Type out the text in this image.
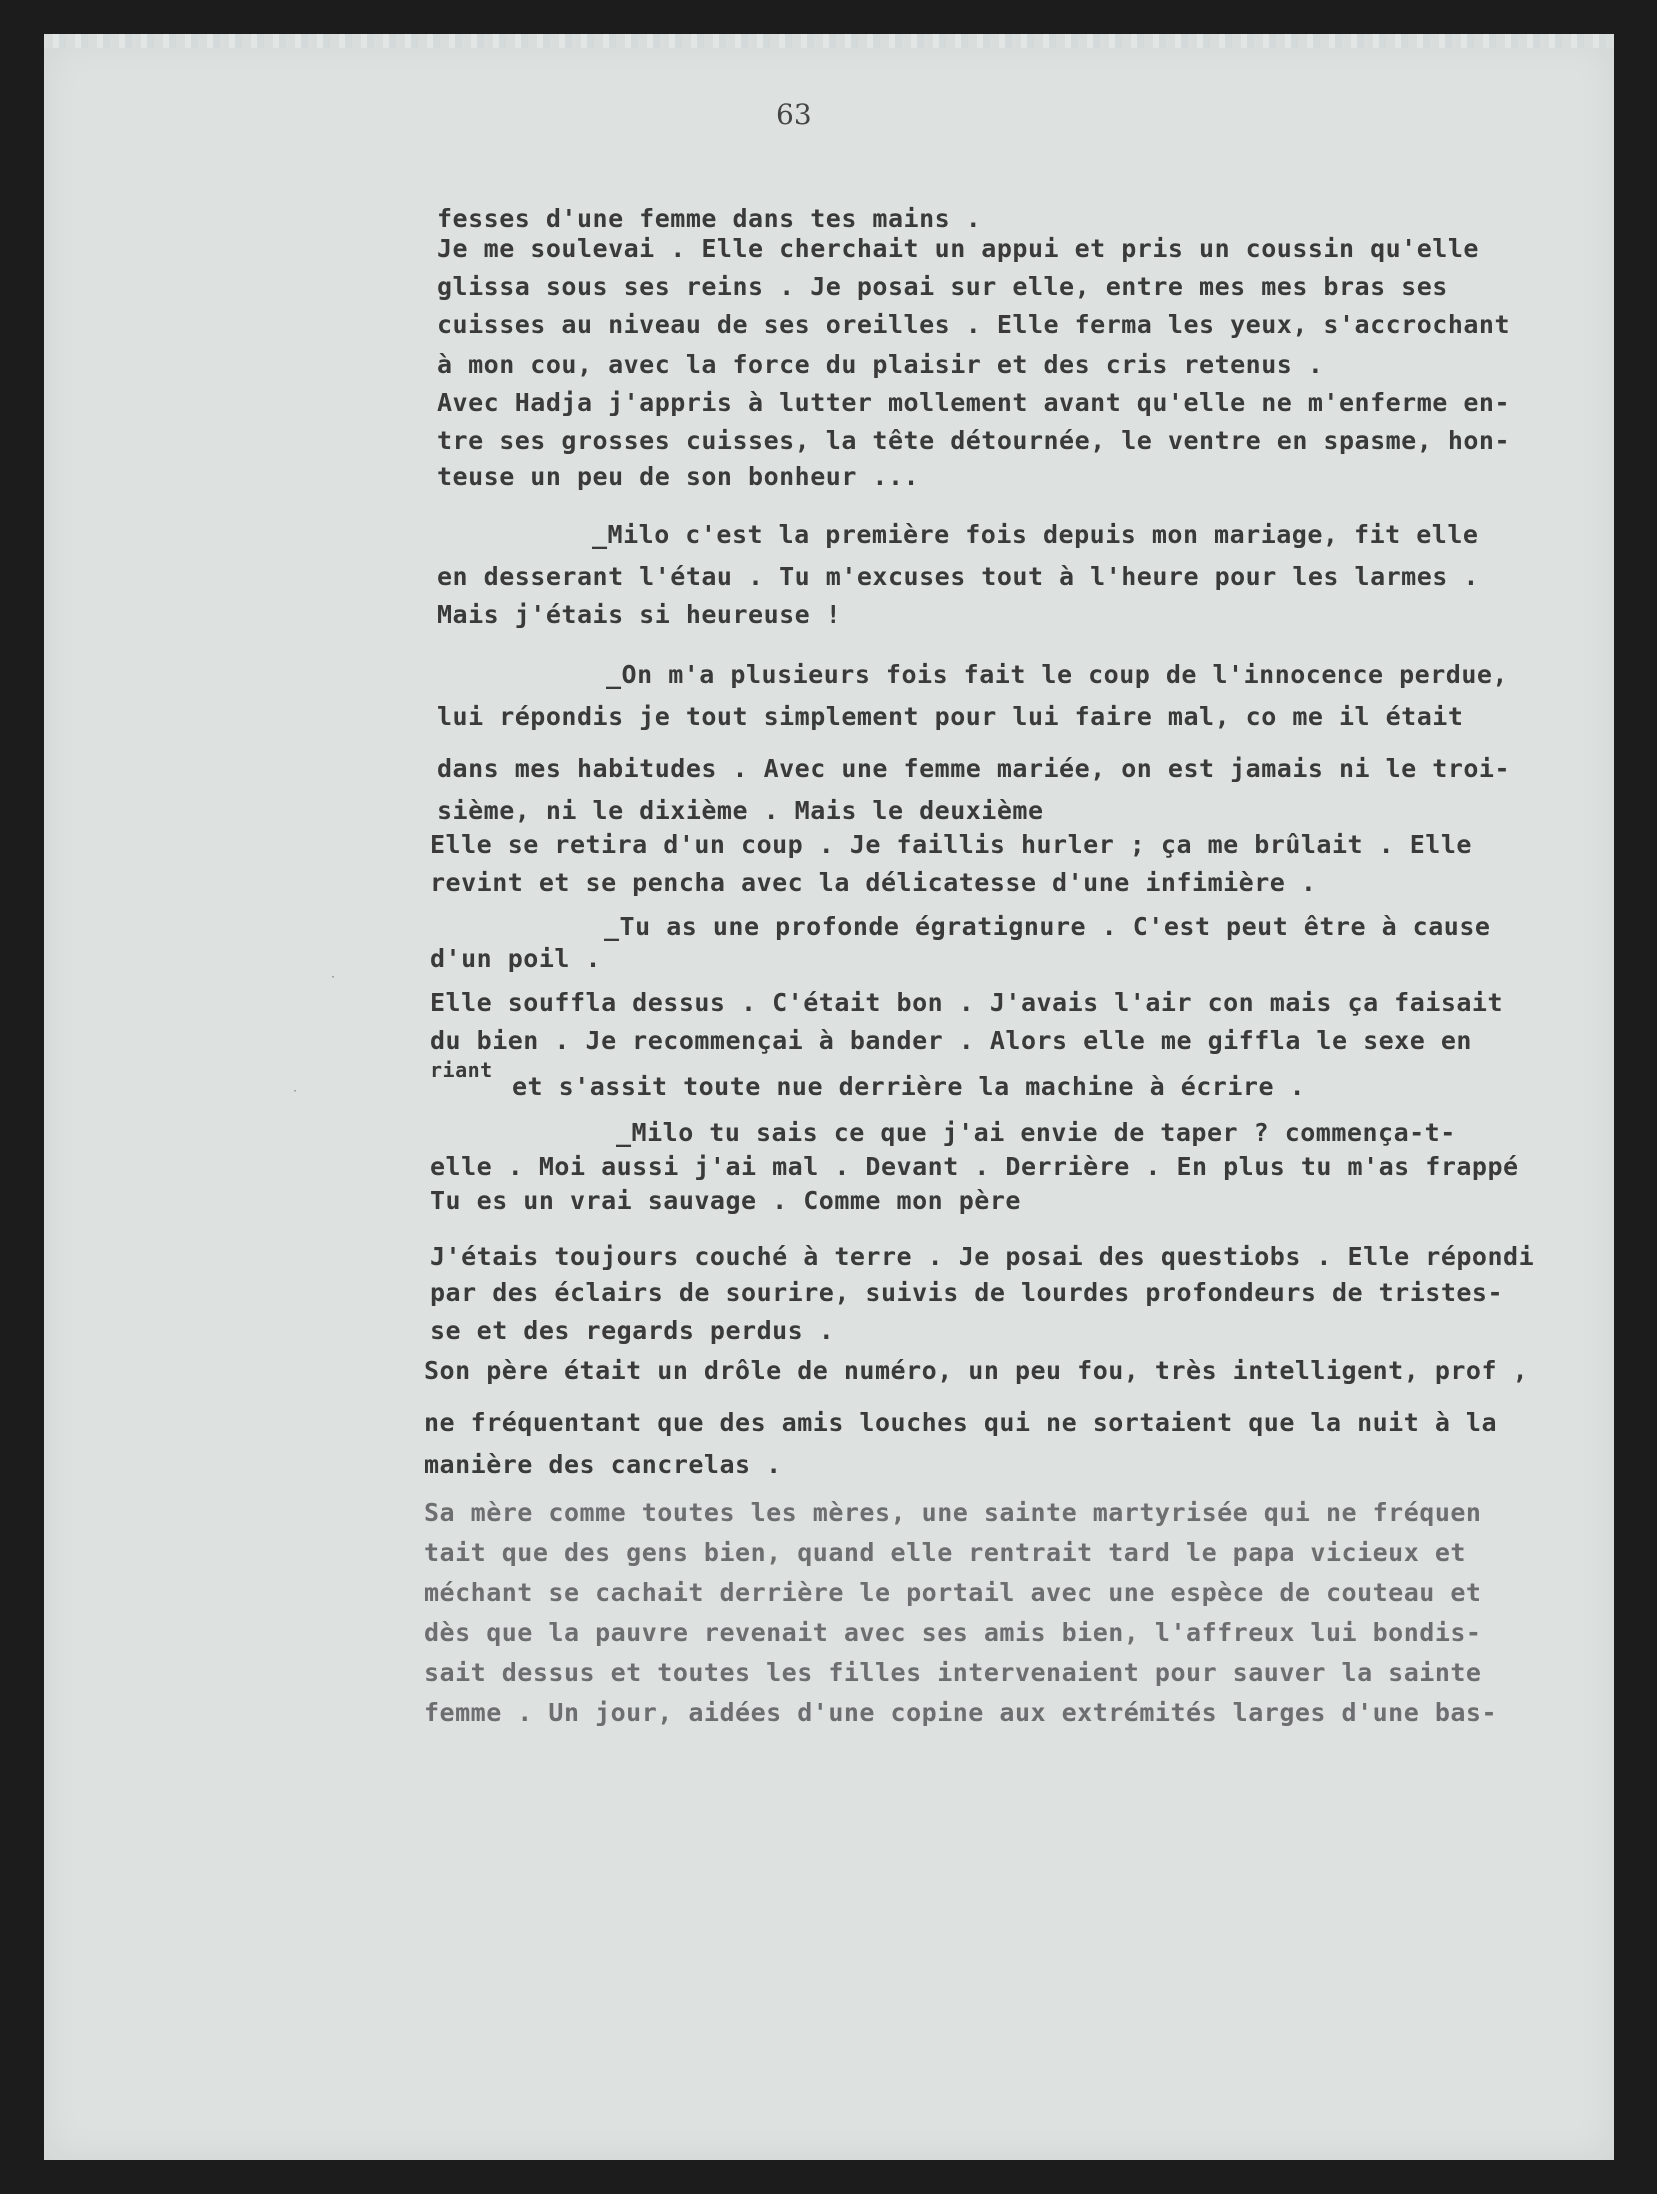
63
fesses d'une femme dans tes mains .
Je me soulevai . Elle cherchait un appui et pris un coussin qu'elle
glissa sous ses reins . Je posai sur elle, entre mes mes bras ses
cuisses au niveau de ses oreilles . Elle ferma les yeux, s'accrochant
à mon cou, avec la force du plaisir et des cris retenus .
Avec Hadja j'appris à lutter mollement avant qu'elle ne m'enferme en-
tre ses grosses cuisses, la tête détournée, le ventre en spasme, hon-
teuse un peu de son bonheur ...
_Milo c'est la première fois depuis mon mariage, fit elle
en desserant l'étau . Tu m'excuses tout à l'heure pour les larmes .
Mais j'étais si heureuse !
_On m'a plusieurs fois fait le coup de l'innocence perdue,
lui répondis je tout simplement pour lui faire mal, co me il était
dans mes habitudes . Avec une femme mariée, on est jamais ni le troi-
sième, ni le dixième . Mais le deuxième
Elle se retira d'un coup . Je faillis hurler ; ça me brûlait . Elle
revint et se pencha avec la délicatesse d'une infimière .
_Tu as une profonde égratignure . C'est peut être à cause
d'un poil .
Elle souffla dessus . C'était bon . J'avais l'air con mais ça faisait
du bien . Je recommençai à bander . Alors elle me giffla le sexe en
riant
et s'assit toute nue derrière la machine à écrire .
_Milo tu sais ce que j'ai envie de taper ? commença-t-
elle . Moi aussi j'ai mal . Devant . Derrière . En plus tu m'as frappé
Tu es un vrai sauvage . Comme mon père
J'étais toujours couché à terre . Je posai des questiobs . Elle répondi
par des éclairs de sourire, suivis de lourdes profondeurs de tristes-
se et des regards perdus .
Son père était un drôle de numéro, un peu fou, très intelligent, prof ,
ne fréquentant que des amis louches qui ne sortaient que la nuit à la
manière des cancrelas .
Sa mère comme toutes les mères, une sainte martyrisée qui ne fréquen
tait que des gens bien, quand elle rentrait tard le papa vicieux et
méchant se cachait derrière le portail avec une espèce de couteau et
dès que la pauvre revenait avec ses amis bien, l'affreux lui bondis-
sait dessus et toutes les filles intervenaient pour sauver la sainte
femme . Un jour, aidées d'une copine aux extrémités larges d'une bas-
·
·
